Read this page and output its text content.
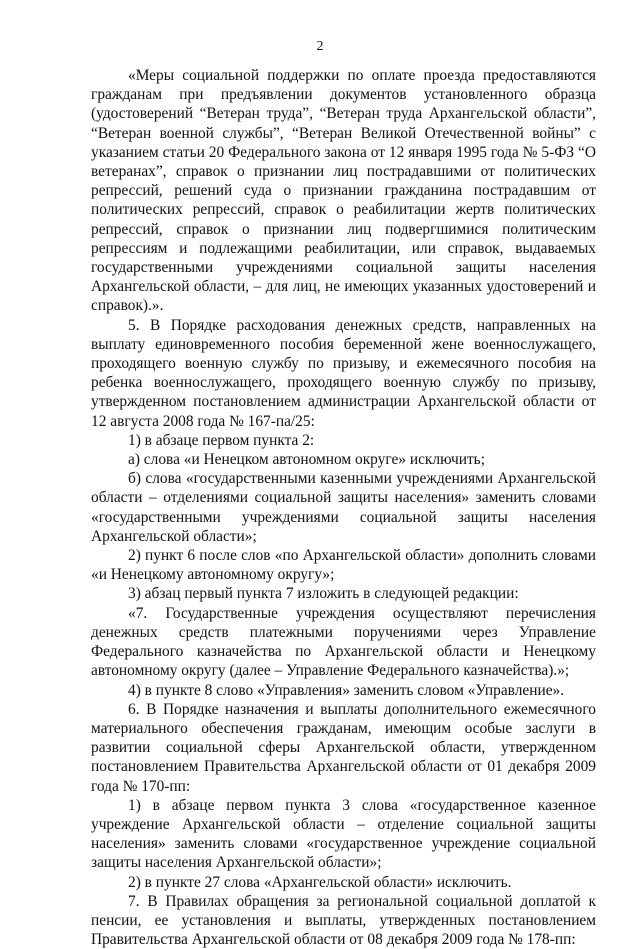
2

«Меры социальной поддержки по оплате проезда предоставляются гражданам при предъявлении документов установленного образца (удостоверений “Ветеран труда”, “Ветеран труда Архангельской области”, “Ветеран военной службы”, “Ветеран Великой Отечественной войны” с указанием статьи 20 Федерального закона от 12 января 1995 года № 5-ФЗ “О ветеранах”, справок о признании лиц пострадавшими от политических репрессий, решений суда о признании гражданина пострадавшим от политических репрессий, справок о реабилитации жертв политических репрессий, справок о признании лиц подвергшимися политическим репрессиям и подлежащими реабилитации, или справок, выдаваемых государственными учреждениями социальной защиты населения Архангельской области, – для лиц, не имеющих указанных удостоверений и справок).».

5. В Порядке расходования денежных средств, направленных на выплату единовременного пособия беременной жене военнослужащего, проходящего военную службу по призыву, и ежемесячного пособия на ребенка военнослужащего, проходящего военную службу по призыву, утвержденном постановлением администрации Архангельской области от 12 августа 2008 года № 167-па/25:

1) в абзаце первом пункта 2:

а) слова «и Ненецком автономном округе» исключить;

б) слова «государственными казенными учреждениями Архангельской области – отделениями социальной защиты населения» заменить словами «государственными учреждениями социальной защиты населения Архангельской области»;

2) пункт 6 после слов «по Архангельской области» дополнить словами «и Ненецкому автономному округу»;

3) абзац первый пункта 7 изложить в следующей редакции:

«7. Государственные учреждения осуществляют перечисления денежных средств платежными поручениями через Управление Федерального казначейства по Архангельской области и Ненецкому автономному округу (далее – Управление Федерального казначейства).»;

4) в пункте 8 слово «Управления» заменить словом «Управление».

6. В Порядке назначения и выплаты дополнительного ежемесячного материального обеспечения гражданам, имеющим особые заслуги в развитии социальной сферы Архангельской области, утвержденном постановлением Правительства Архангельской области от 01 декабря 2009 года № 170-пп:

1) в абзаце первом пункта 3 слова «государственное казенное учреждение Архангельской области – отделение социальной защиты населения» заменить словами «государственное учреждение социальной защиты населения Архангельской области»;

2) в пункте 27 слова «Архангельской области» исключить.

7. В Правилах обращения за региональной социальной доплатой к пенсии, ее установления и выплаты, утвержденных постановлением Правительства Архангельской области от 08 декабря 2009 года № 178-пп:
